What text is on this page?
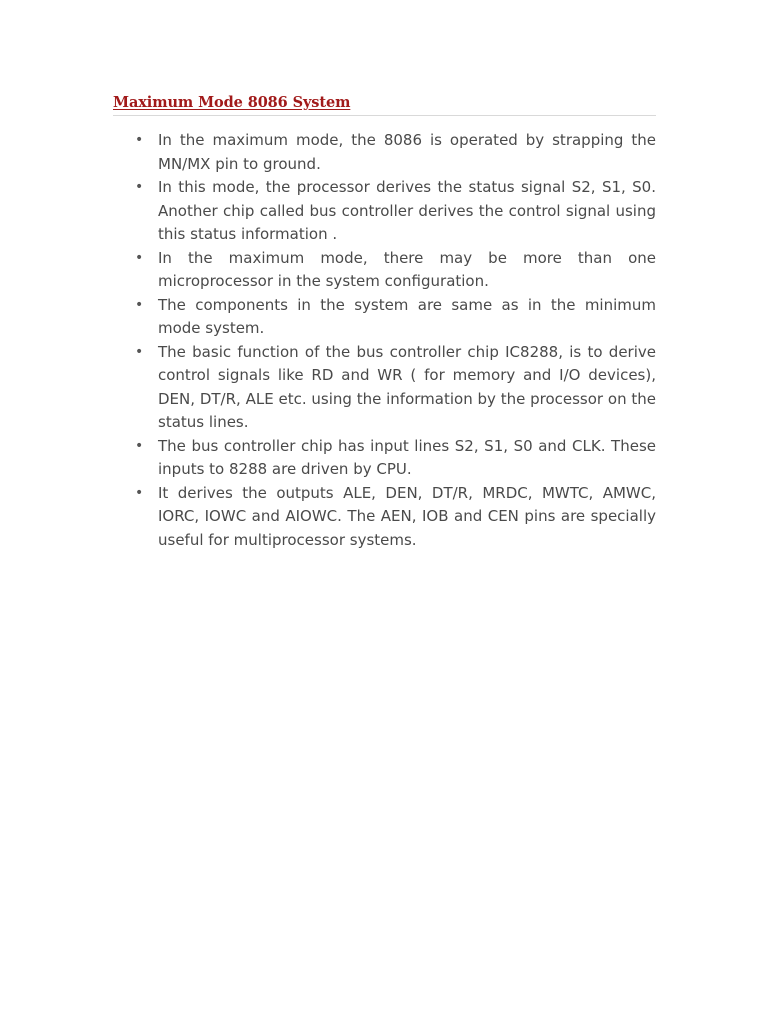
Maximum Mode 8086 System
• In the maximum mode, the 8086 is operated by strapping the MN/MX pin to ground.
• In this mode, the processor derives the status signal S2, S1, S0. Another chip called bus controller derives the control signal using this status information .
• In the maximum mode, there may be more than one microprocessor in the system configuration.
• The components in the system are same as in the minimum mode system.
• The basic function of the bus controller chip IC8288, is to derive control signals like RD and WR ( for memory and I/O devices), DEN, DT/R, ALE etc. using the information by the processor on the status lines.
• The bus controller chip has input lines S2, S1, S0 and CLK. These inputs to 8288 are driven by CPU.
• It derives the outputs ALE, DEN, DT/R, MRDC, MWTC, AMWC, IORC, IOWC and AIOWC. The AEN, IOB and CEN pins are specially useful for multiprocessor systems.
